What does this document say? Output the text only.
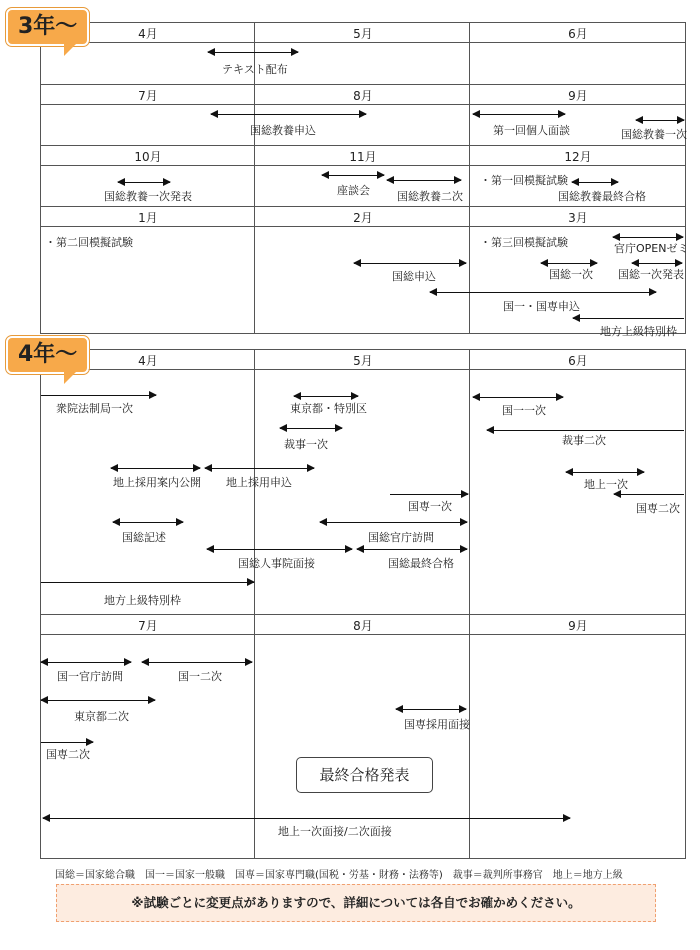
4月	5月	6月
7月	8月	9月
10月	11月	12月
1月	2月	3月
4月	5月	6月
7月	8月	9月
3年～
4年～
テキスト配布
国総教養申込	第一回個人面談	国総教養一次
国総教養一次発表	座談会 国総教養二次
・第一回模擬試験
国総教養最終合格
・第二回模擬試験	・第三回模擬試験	官庁OPENゼミ
国総申込	国総一次 国総一次発表
国一・国専申込
地方上級特別枠
衆院法制局一次	東京都・特別区
裁事一次
国一一次
裁事二次
地上採用案内公開 地上採用申込	地上一次
国専一次	国専二次
国総記述	国総官庁訪問
国総人事院面接	国総最終合格
地方上級特別枠
国一官庁訪問	国一二次
東京都二次
国専二次
国専採用面接
最終合格発表
地上一次面接/二次面接
国総＝国家総合職　国一＝国家一般職　国専＝国家専門職(国税・労基・財務・法務等)　裁事＝裁判所事務官　地上＝地方上級
※試験ごとに変更点がありますので、詳細については各自でお確かめください。
